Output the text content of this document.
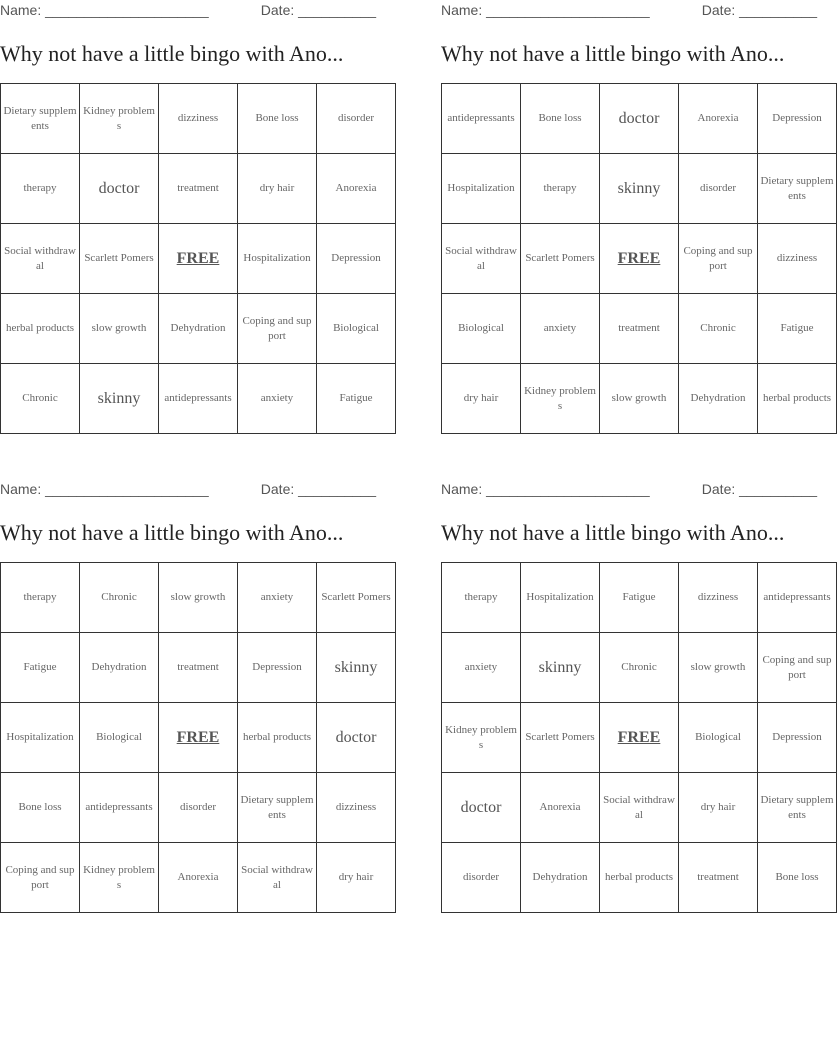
Name: _____________________	Date: __________
Why not have a little bingo with Ano...
Dietary supplements	Kidney problems	dizziness	Bone loss	disorder
therapy	doctor	treatment	dry hair	Anorexia
Social withdrawal	Scarlett Pomers	FREE	Hospitalization	Depression
herbal products	slow growth	Dehydration	Coping and support	Biological
Chronic	skinny	antidepressants	anxiety	Fatigue
Name: _____________________	Date: __________
Why not have a little bingo with Ano...
antidepressants	Bone loss	doctor	Anorexia	Depression
Hospitalization	therapy	skinny	disorder	Dietary supplements
Social withdrawal	Scarlett Pomers	FREE	Coping and support	dizziness
Biological	anxiety	treatment	Chronic	Fatigue
dry hair	Kidney problems	slow growth	Dehydration	herbal products
Name: _____________________	Date: __________
Why not have a little bingo with Ano...
therapy	Chronic	slow growth	anxiety	Scarlett Pomers
Fatigue	Dehydration	treatment	Depression	skinny
Hospitalization	Biological	FREE	herbal products	doctor
Bone loss	antidepressants	disorder	Dietary supplements	dizziness
Coping and support	Kidney problems	Anorexia	Social withdrawal	dry hair
Name: _____________________	Date: __________
Why not have a little bingo with Ano...
therapy	Hospitalization	Fatigue	dizziness	antidepressants
anxiety	skinny	Chronic	slow growth	Coping and support
Kidney problems	Scarlett Pomers	FREE	Biological	Depression
doctor	Anorexia	Social withdrawal	dry hair	Dietary supplements
disorder	Dehydration	herbal products	treatment	Bone loss
